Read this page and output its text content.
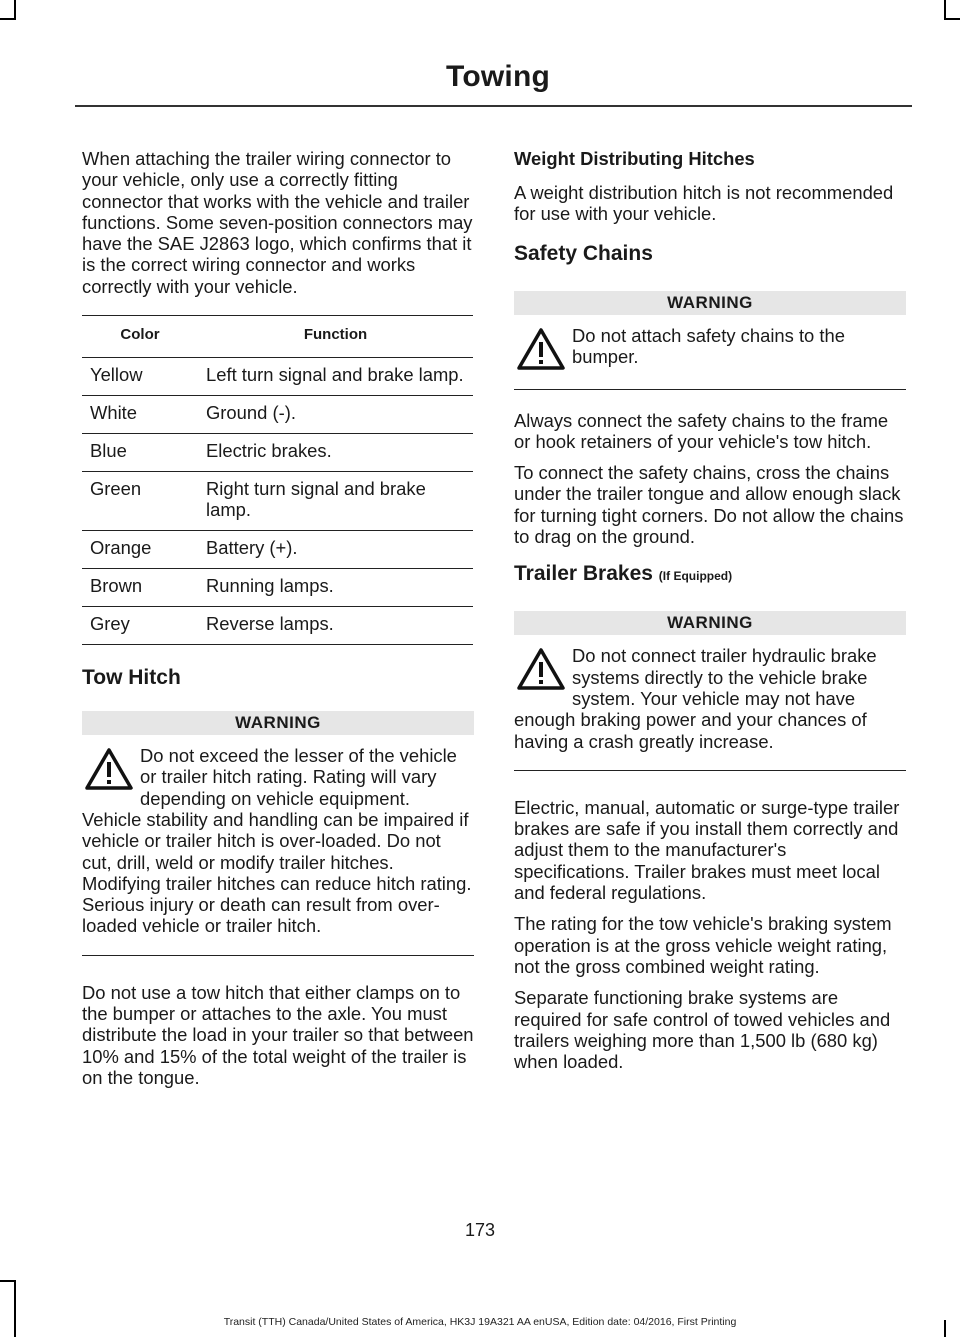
Towing

When attaching the trailer wiring connector to your vehicle, only use a correctly fitting connector that works with the vehicle and trailer functions. Some seven-position connectors may have the SAE J2863 logo, which confirms that it is the correct wiring connector and works correctly with your vehicle.

Color	Function
Yellow	Left turn signal and brake lamp.
White	Ground (-).
Blue	Electric brakes.
Green	Right turn signal and brake lamp.
Orange	Battery (+).
Brown	Running lamps.
Grey	Reverse lamps.
Tow Hitch
WARNING
Do not exceed the lesser of the vehicle or trailer hitch rating. Rating will vary depending on vehicle equipment. Vehicle stability and handling can be impaired if vehicle or trailer hitch is over-loaded. Do not cut, drill, weld or modify trailer hitches. Modifying trailer hitches can reduce hitch rating. Serious injury or death can result from over-loaded vehicle or trailer hitch.

Do not use a tow hitch that either clamps on to the bumper or attaches to the axle. You must distribute the load in your trailer so that between 10% and 15% of the total weight of the trailer is on the tongue.

Weight Distributing Hitches

A weight distribution hitch is not recommended for use with your vehicle.

Safety Chains
WARNING
Do not attach safety chains to the bumper.

Always connect the safety chains to the frame or hook retainers of your vehicle's tow hitch.

To connect the safety chains, cross the chains under the trailer tongue and allow enough slack for turning tight corners. Do not allow the chains to drag on the ground.

Trailer Brakes (If Equipped)
WARNING
Do not connect trailer hydraulic brake systems directly to the vehicle brake system. Your vehicle may not have enough braking power and your chances of having a crash greatly increase.

Electric, manual, automatic or surge-type trailer brakes are safe if you install them correctly and adjust them to the manufacturer's specifications. Trailer brakes must meet local and federal regulations.

The rating for the tow vehicle's braking system operation is at the gross vehicle weight rating, not the gross combined weight rating.

Separate functioning brake systems are required for safe control of towed vehicles and trailers weighing more than 1,500 lb (680 kg) when loaded.

173
Transit (TTH) Canada/United States of America, HK3J 19A321 AA enUSA, Edition date: 04/2016, First Printing
